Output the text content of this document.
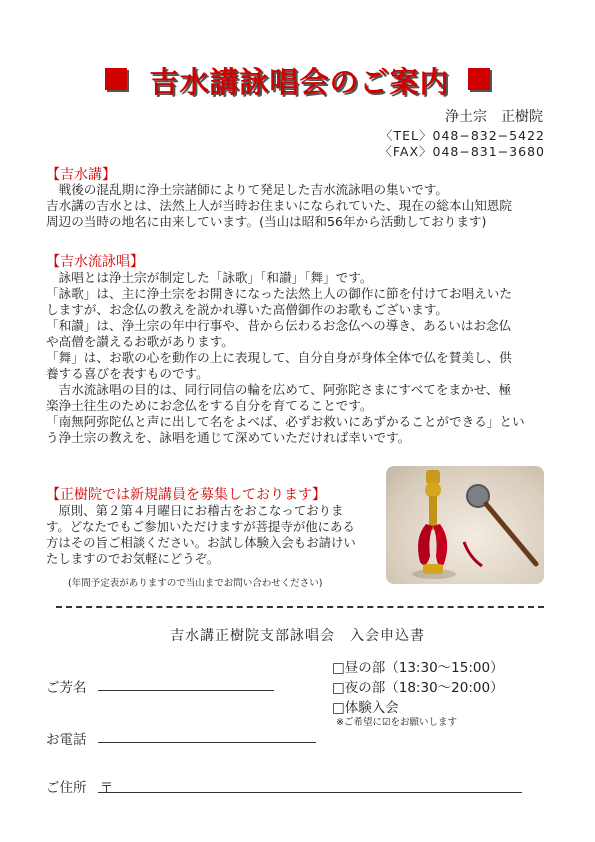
吉水講詠唱会のご案内
浄土宗　正樹院
〈TEL〉048−832−5422
〈FAX〉048−831−3680
【吉水講】

　戦後の混乱期に浄土宗諸師によりて発足した吉水流詠唱の集いです。

吉水講の吉水とは、法然上人が当時お住まいになられていた、現在の総本山知恩院

周辺の当時の地名に由来しています。(当山は昭和56年から活動しております)

【吉水流詠唱】

　詠唱とは浄土宗が制定した「詠歌」「和讃」「舞」です。

「詠歌」は、主に浄土宗をお開きになった法然上人の御作に節を付けてお唱えいた

しますが、お念仏の教えを説かれ導いた高僧御作のお歌もございます。

「和讃」は、浄土宗の年中行事や、昔から伝わるお念仏への導き、あるいはお念仏

や高僧を讃えるお歌があります。

「舞」は、お歌の心を動作の上に表現して、自分自身が身体全体で仏を賛美し、供

養する喜びを表すものです。

　吉水流詠唱の目的は、同行同信の輪を広めて、阿弥陀さまにすべてをまかせ、極

楽浄土往生のためにお念仏をする自分を育てることです。

「南無阿弥陀仏と声に出して名をよべば、必ずお救いにあずかることができる」とい

う浄土宗の教えを、詠唱を通じて深めていただければ幸いです。

【正樹院では新規講員を募集しております】

　原則、第２第４月曜日にお稽古をおこなっておりま

す。どなたでもご参加いただけますが菩提寺が他にある

方はその旨ご相談ください。お試し体験入会もお請けい

たしますのでお気軽にどうぞ。

(年間予定表がありますので当山までお問い合わせください)
吉水講正樹院支部詠唱会　入会申込書
□昼の部（13:30〜15:00）
□夜の部（18:30〜20:00）
□体験入会
※ご希望に☑をお願いします
ご芳名
お電話
ご住所 〒
